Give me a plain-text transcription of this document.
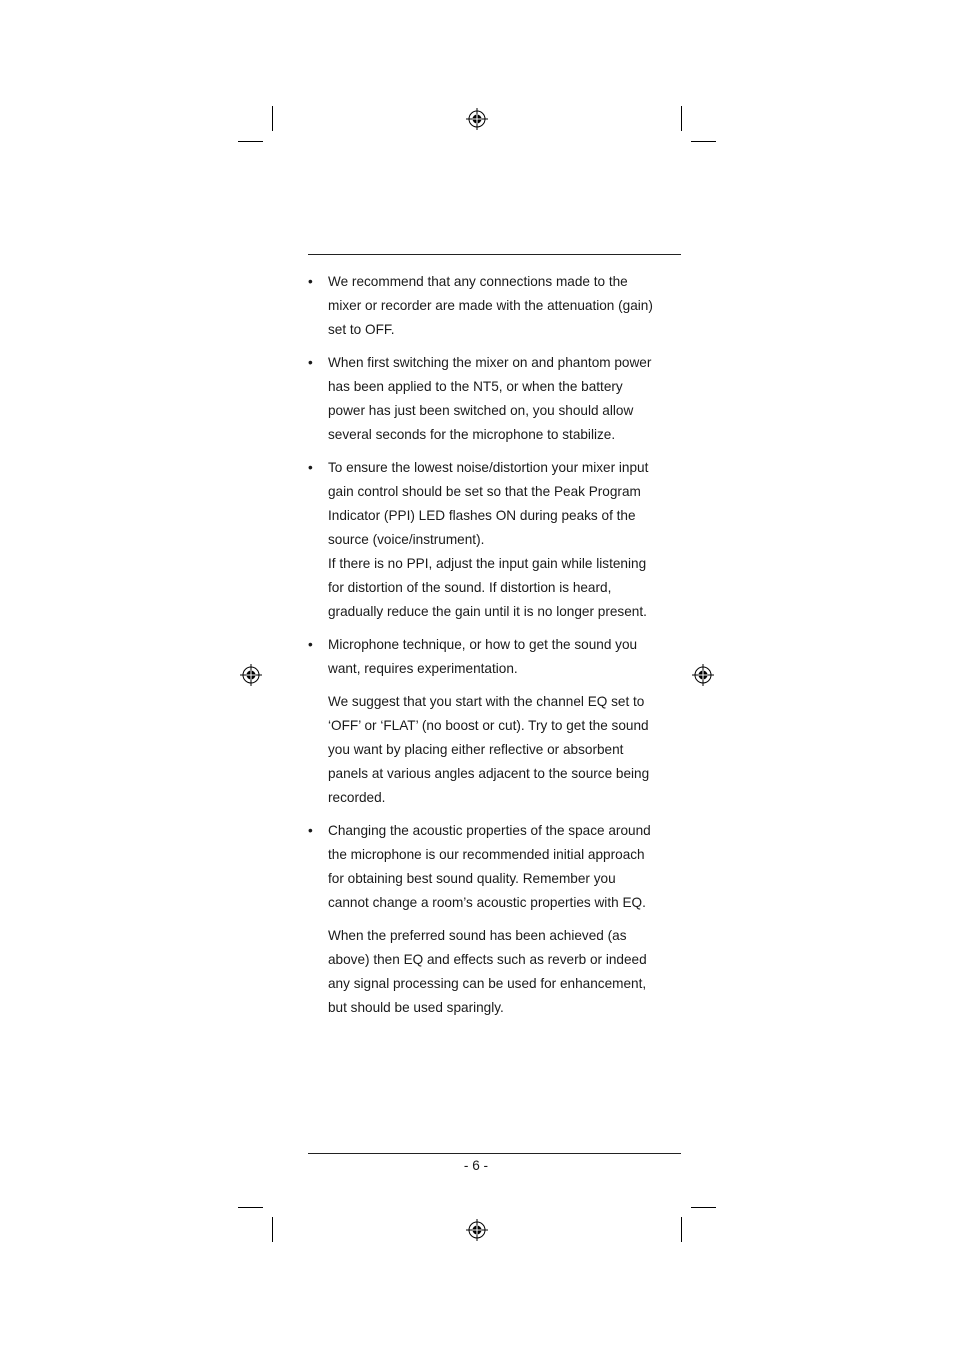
• We recommend that any connections made to the mixer or recorder are made with the attenuation (gain) set to OFF.

• When first switching the mixer on and phantom power has been applied to the NT5, or when the battery power has just been switched on, you should allow several seconds for the microphone to stabilize.

• To ensure the lowest noise/distortion your mixer input gain control should be set so that the Peak Program Indicator (PPI) LED flashes ON during peaks of the source (voice/instrument).
If there is no PPI, adjust the input gain while listening for distortion of the sound. If distortion is heard, gradually reduce the gain until it is no longer present.

• Microphone technique, or how to get the sound you want, requires experimentation.

We suggest that you start with the channel EQ set to ‘OFF’ or ‘FLAT’ (no boost or cut). Try to get the sound you want by placing either reflective or absorbent panels at various angles adjacent to the source being recorded.

• Changing the acoustic properties of the space around the microphone is our recommended initial approach for obtaining best sound quality. Remember you cannot change a room’s acoustic properties with EQ.

When the preferred sound has been achieved (as above) then EQ and effects such as reverb or indeed any signal processing can be used for enhancement, but should be used sparingly.

- 6 -
